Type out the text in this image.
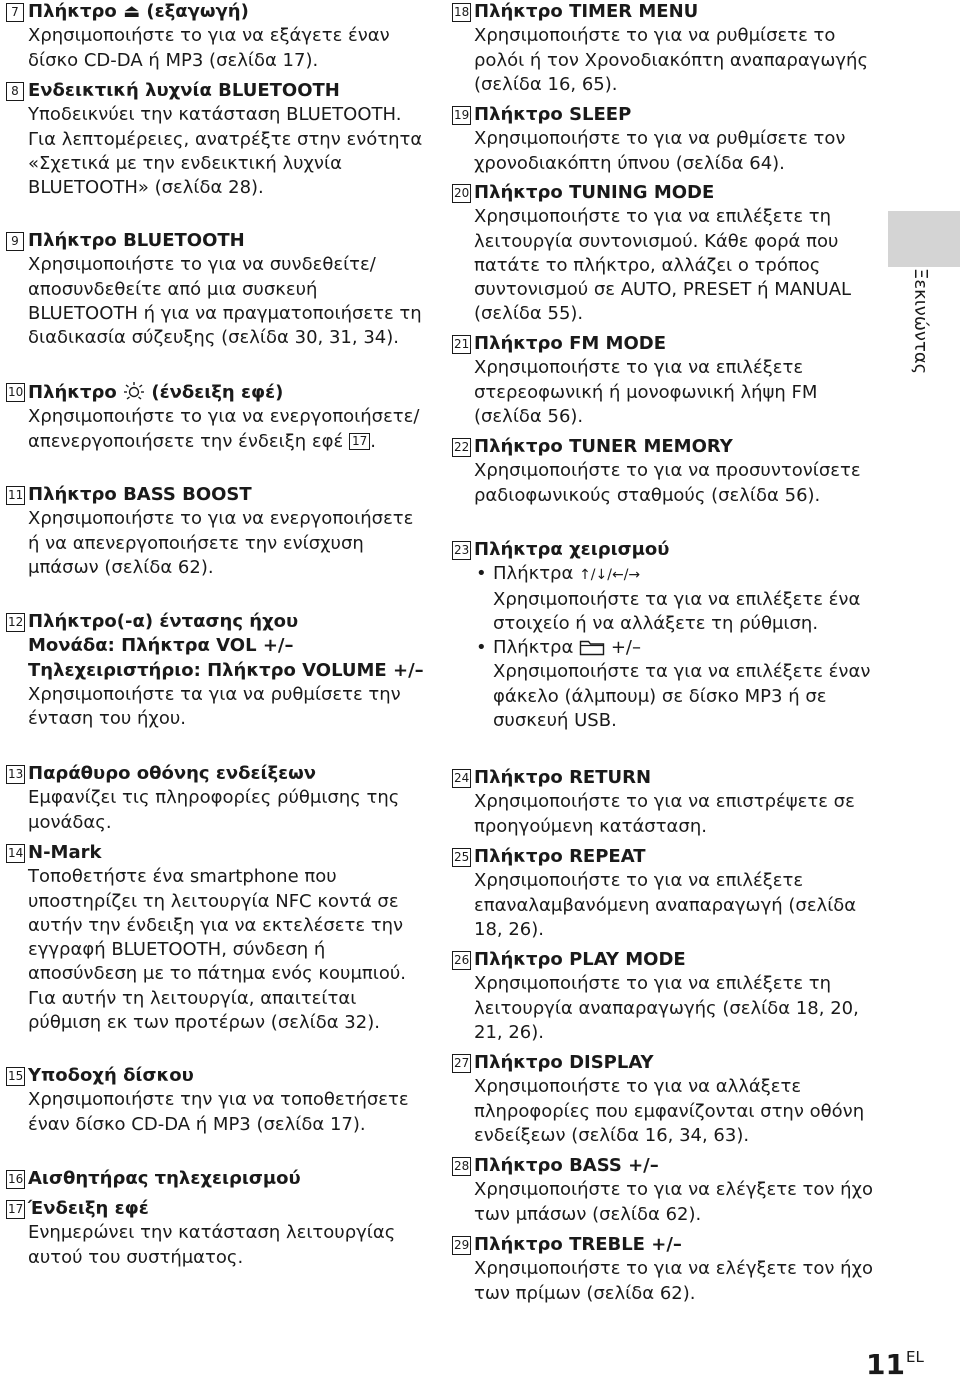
7 Πλήκτρο ⏏ (εξαγωγή)
Χρησιμοποιήστε το για να εξάγετε έναν δίσκο CD-DA ή MP3 (σελίδα 17).
8 Ενδεικτική λυχνία BLUETOOTH
Υποδεικνύει την κατάσταση BLUETOOTH. Για λεπτομέρειες, ανατρέξτε στην ενότητα «Σχετικά με την ενδεικτική λυχνία BLUETOOTH» (σελίδα 28).
9 Πλήκτρο BLUETOOTH
Χρησιμοποιήστε το για να συνδεθείτε/ αποσυνδεθείτε από μια συσκευή BLUETOOTH ή για να πραγματοποιήσετε τη διαδικασία σύζευξης (σελίδα 30, 31, 34).
10 Πλήκτρο (ένδειξη εφέ)
Χρησιμοποιήστε το για να ενεργοποιήσετε/απενεργοποιήσετε την ένδειξη εφέ 17 .
11 Πλήκτρο BASS BOOST
Χρησιμοποιήστε το για να ενεργοποιήσετε ή να απενεργοποιήσετε την ενίσχυση μπάσων (σελίδα 62).
12 Πλήκτρο(-α) έντασης ήχου
Μονάδα: Πλήκτρα VOL +/–
Τηλεχειριστήριο: Πλήκτρο VOLUME +/–
Χρησιμοποιήστε τα για να ρυθμίσετε την ένταση του ήχου.
13 Παράθυρο οθόνης ενδείξεων
Εμφανίζει τις πληροφορίες ρύθμισης της μονάδας.
14 N-Mark
Τοποθετήστε ένα smartphone που υποστηρίζει τη λειτουργία NFC κοντά σε αυτήν την ένδειξη για να εκτελέσετε την εγγραφή BLUETOOTH, σύνδεση ή αποσύνδεση με το πάτημα ενός κουμπιού. Για αυτήν τη λειτουργία, απαιτείται ρύθμιση εκ των προτέρων (σελίδα 32).
15 Υποδοχή δίσκου
Χρησιμοποιήστε την για να τοποθετήσετε έναν δίσκο CD-DA ή MP3 (σελίδα 17).
16 Αισθητήρας τηλεχειρισμού
17 Ένδειξη εφέ
Ενημερώνει την κατάσταση λειτουργίας αυτού του συστήματος.
18 Πλήκτρο TIMER MENU
Χρησιμοποιήστε το για να ρυθμίσετε το ρολόι ή τον Χρονοδιακόπτη αναπαραγωγής (σελίδα 16, 65).
19 Πλήκτρο SLEEP
Χρησιμοποιήστε το για να ρυθμίσετε τον χρονοδιακόπτη ύπνου (σελίδα 64).
20 Πλήκτρο TUNING MODE
Χρησιμοποιήστε το για να επιλέξετε τη λειτουργία συντονισμού. Κάθε φορά που πατάτε το πλήκτρο, αλλάζει ο τρόπος συντονισμού σε AUTO, PRESET ή MANUAL (σελίδα 55).
21 Πλήκτρο FM MODE
Χρησιμοποιήστε το για να επιλέξετε στερεοφωνική ή μονοφωνική λήψη FM (σελίδα 56).
22 Πλήκτρο TUNER MEMORY
Χρησιμοποιήστε το για να προσυντονίσετε ραδιοφωνικούς σταθμούς (σελίδα 56).
23 Πλήκτρα χειρισμού
• Πλήκτρα ↑/↓/←/→
Χρησιμοποιήστε τα για να επιλέξετε ένα στοιχείο ή να αλλάξετε τη ρύθμιση.
• Πλήκτρα +/–
Χρησιμοποιήστε τα για να επιλέξετε έναν φάκελο (άλμπουμ) σε δίσκο MP3 ή σε συσκευή USB.
24 Πλήκτρο RETURN
Χρησιμοποιήστε το για να επιστρέψετε σε προηγούμενη κατάσταση.
25 Πλήκτρο REPEAT
Χρησιμοποιήστε το για να επιλέξετε επαναλαμβανόμενη αναπαραγωγή (σελίδα 18, 26).
26 Πλήκτρο PLAY MODE
Χρησιμοποιήστε το για να επιλέξετε τη λειτουργία αναπαραγωγής (σελίδα 18, 20, 21, 26).
27 Πλήκτρο DISPLAY
Χρησιμοποιήστε το για να αλλάξετε πληροφορίες που εμφανίζονται στην οθόνη ενδείξεων (σελίδα 16, 34, 63).
28 Πλήκτρο BASS +/–
Χρησιμοποιήστε το για να ελέγξετε τον ήχο των μπάσων (σελίδα 62).
29 Πλήκτρο TREBLE +/–
Χρησιμοποιήστε το για να ελέγξετε τον ήχο των πρίμων (σελίδα 62).
Ξεκινώντας
$11^{EL}$
